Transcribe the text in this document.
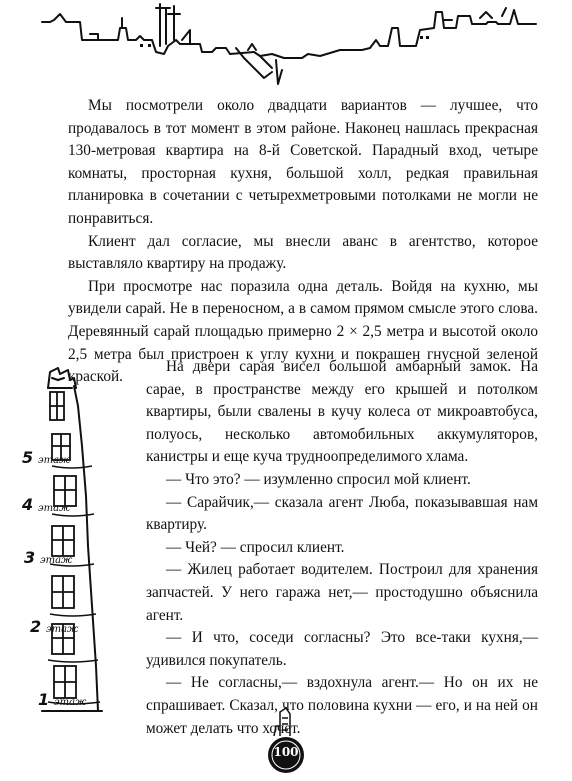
Мы посмотрели около двадцати вариантов — лучшее, что продавалось в тот момент в этом районе. Наконец нашлась прекрасная 130-метровая квартира на 8-й Советской. Парадный вход, четыре комнаты, просторная кухня, большой холл, редкая правильная планировка в сочетании с четырехметровыми потолками не могли не понравиться.

Клиент дал согласие, мы внесли аванс в агентство, которое выставляло квартиру на продажу.

При просмотре нас поразила одна деталь. Войдя на кухню, мы увидели сарай. Не в переносном, а в самом прямом смысле этого слова. Деревянный сарай площадью примерно 2 × 2,5 метра и высотой около 2,5 метра был пристроен к углу кухни и покрашен гнусной зеленой краской.

5 этаж
4 этаж
3 этаж
2 этаж
1 этаж

На двери сарая висел большой амбарный замок. На сарае, в пространстве между его крышей и потолком квартиры, были свалены в кучу колеса от микроавтобуса, полуось, несколько автомобильных аккумуляторов, канистры и еще куча трудноопределимого хлама.

— Что это? — изумленно спросил мой клиент.

— Сарайчик,— сказала агент Люба, показывавшая нам квартиру.

— Чей? — спросил клиент.

— Жилец работает водителем. Построил для хранения запчастей. У него гаража нет,— простодушно объяснила агент.

— И что, соседи согласны? Это все-таки кухня,— удивился покупатель.

— Не согласны,— вздохнула агент.— Но он их не спрашивает. Сказал, что половина кухни — его, и на ней он может делать что хочет.

100
